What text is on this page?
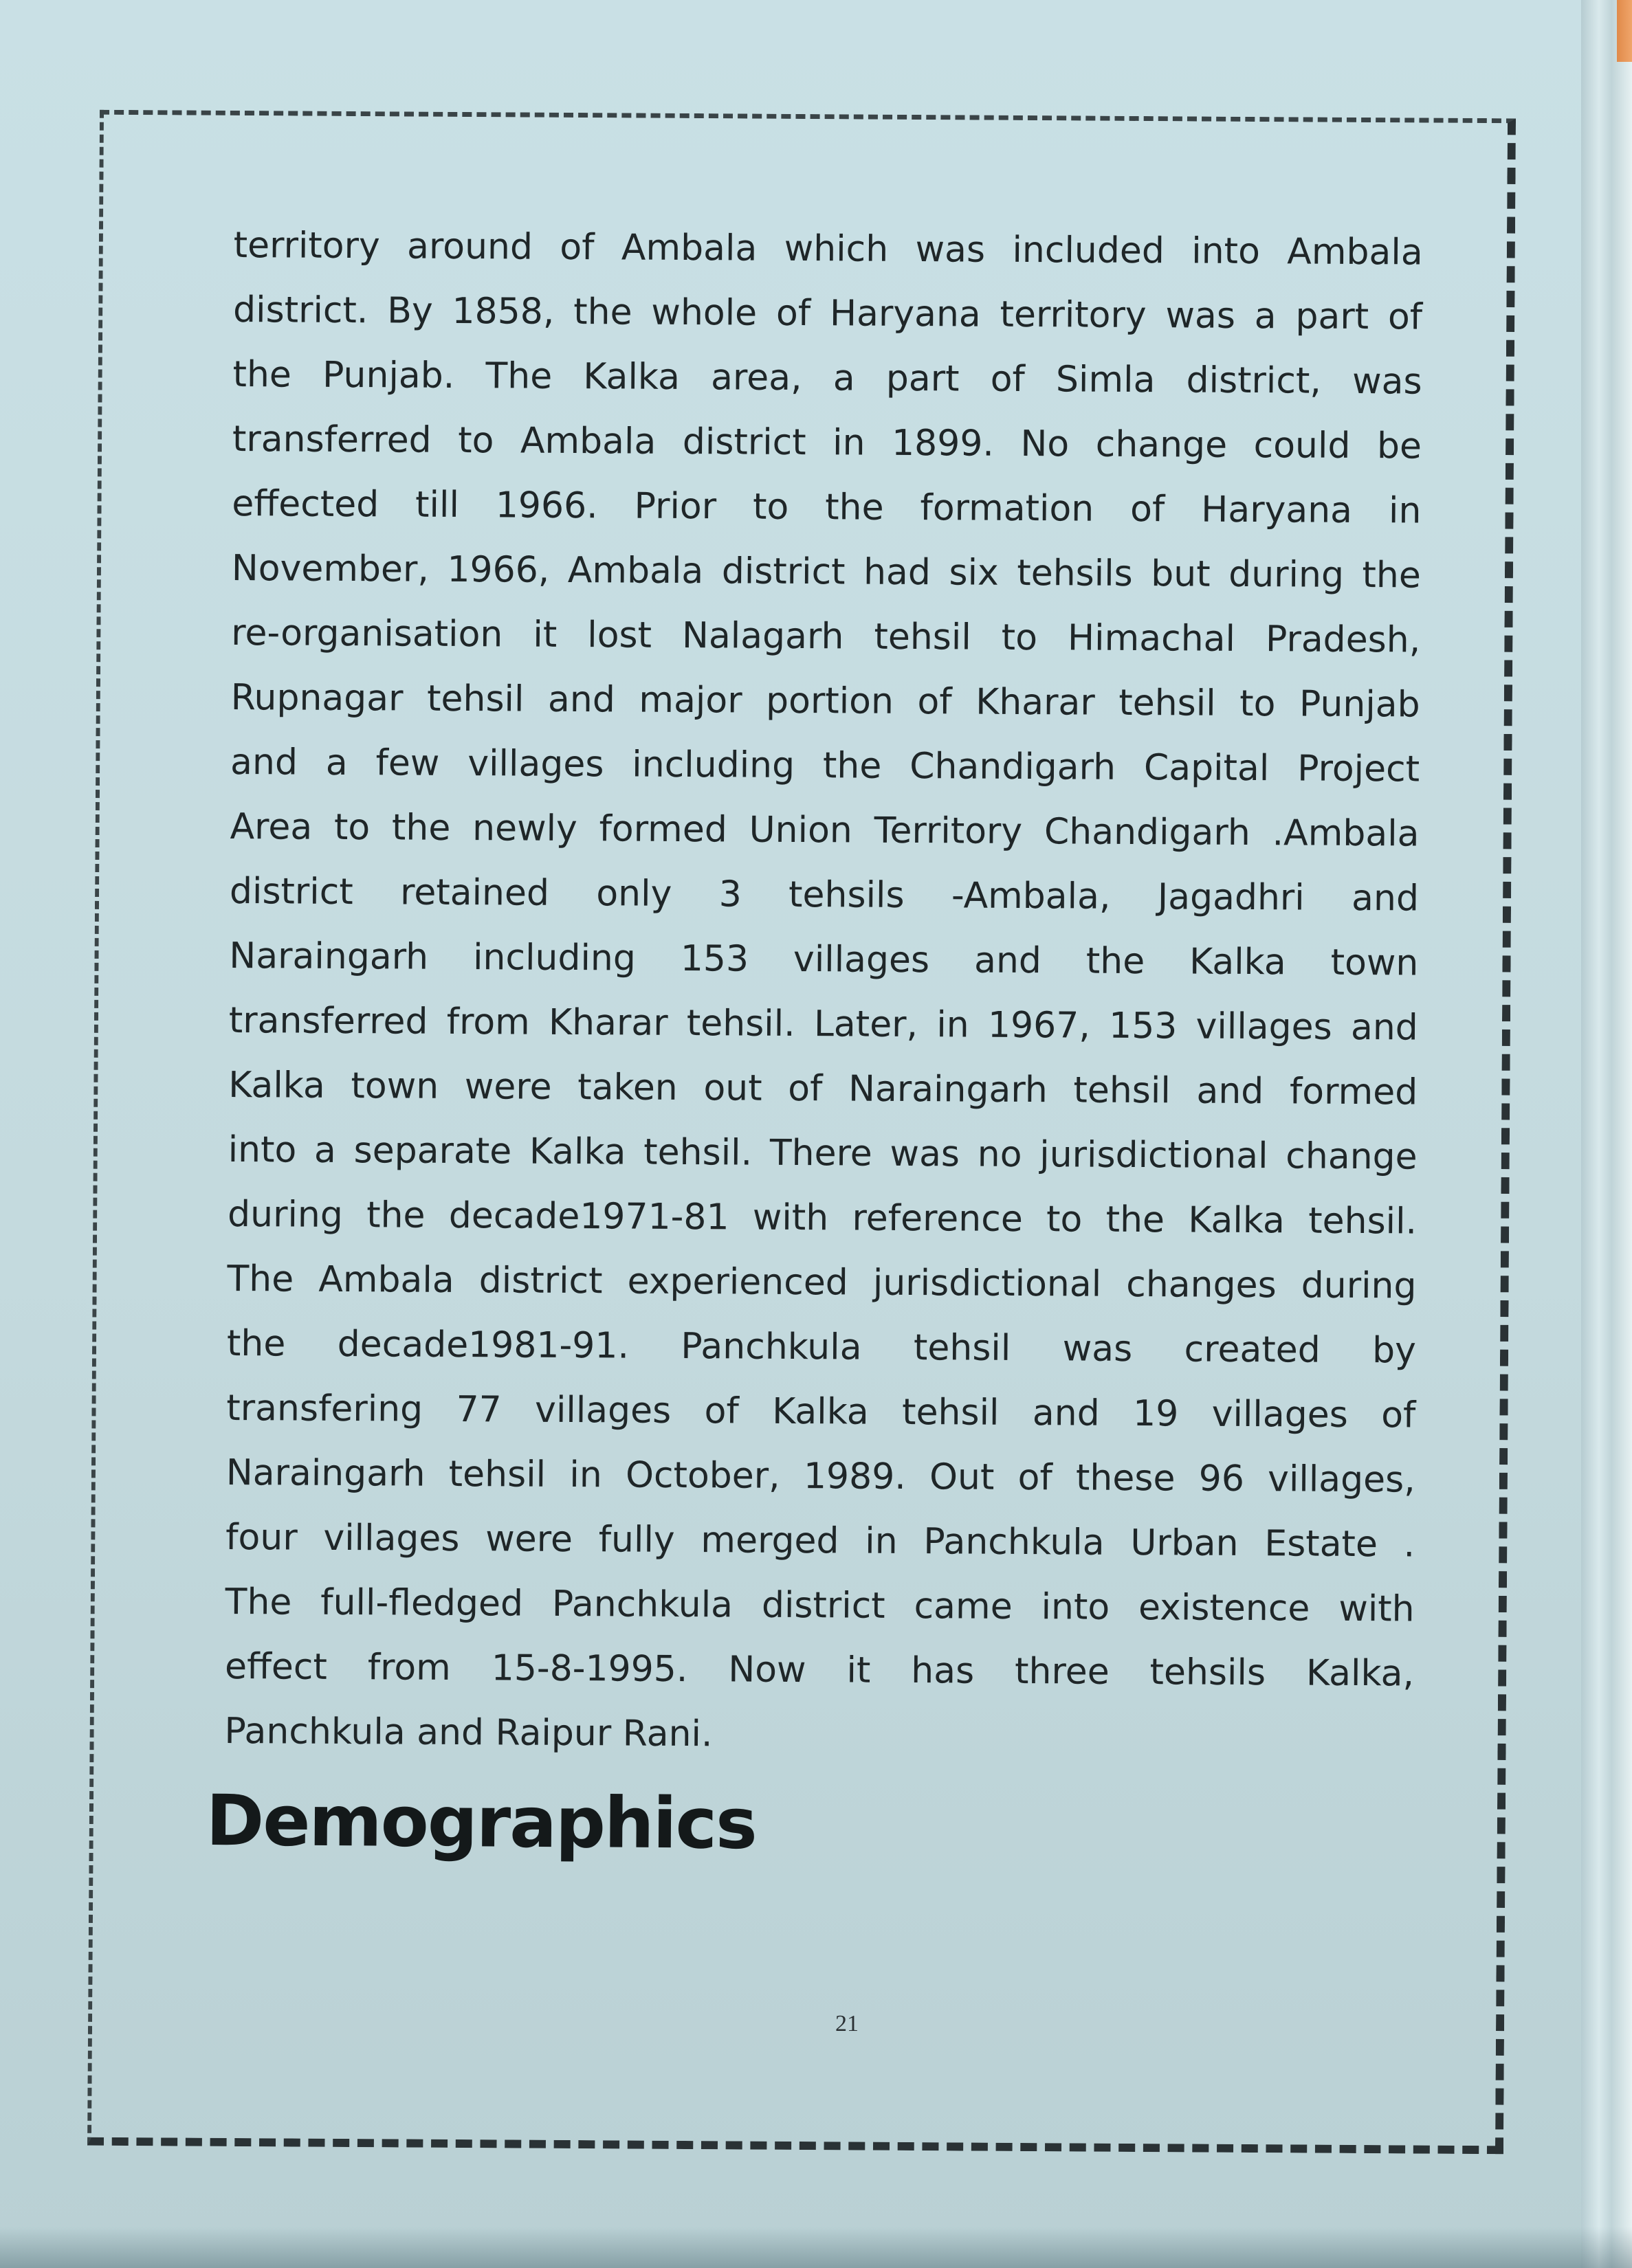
territory around of Ambala which was included into Ambala
district. By 1858, the whole of Haryana territory was a part of
the Punjab. The Kalka area, a part of Simla district, was
transferred to Ambala district in 1899. No change could be
effected till 1966. Prior to the formation of Haryana in
November, 1966, Ambala district had six tehsils but during the
re-organisation it lost Nalagarh tehsil to Himachal Pradesh,
Rupnagar tehsil and major portion of Kharar tehsil to Punjab
and a few villages including the Chandigarh Capital Project
Area to the newly formed Union Territory Chandigarh .Ambala
district retained only 3 tehsils -Ambala, Jagadhri and
Naraingarh including 153 villages and the Kalka town
transferred from Kharar tehsil. Later, in 1967, 153 villages and
Kalka town were taken out of Naraingarh tehsil and formed
into a separate Kalka tehsil. There was no jurisdictional change
during the decade1971-81 with reference to the Kalka tehsil.
The Ambala district experienced jurisdictional changes during
the decade1981-91. Panchkula tehsil was created by
transfering 77 villages of Kalka tehsil and 19 villages of
Naraingarh tehsil in October, 1989. Out of these 96 villages,
four villages were fully merged in Panchkula Urban Estate .
The full-fledged Panchkula district came into existence with
effect from 15-8-1995. Now it has three tehsils Kalka,
Panchkula and Raipur Rani.
Demographics
21
